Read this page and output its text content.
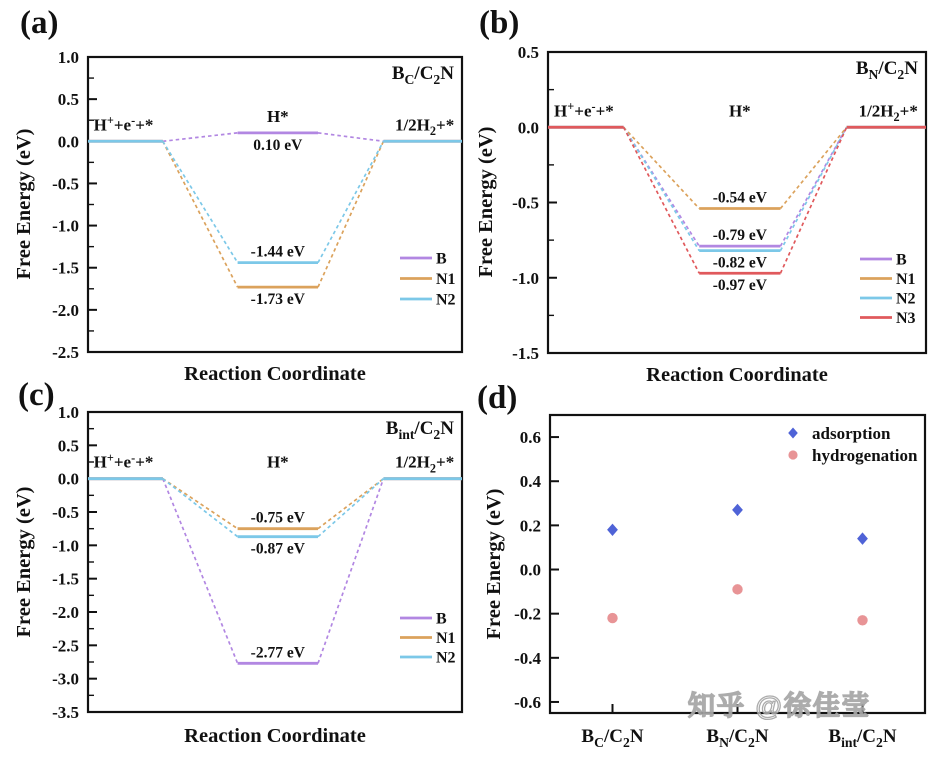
(a)
1.0
0.5
0.0
-0.5
-1.0
-1.5
-2.0
-2.5
Free Energy (eV)
Reaction Coordinate
H++e-+*	H*	$1/2H_2+*$
0.10 eV
-1.44 eV
-1.73 eV
B
N1
N2
$B_C/C_2N$
(b)
0.5
0.0
-0.5
-1.0
-1.5
Free Energy (eV)
Reaction Coordinate
H++e-+*	H*	$1/2H_2+*$
-0.54 eV
-0.79 eV
-0.82 eV
-0.97 eV
B
N1
N2
N3
$B_N/C_2N$
(c) 1.0
0.5
0.0
-0.5
-1.0
-1.5
-2.0
-2.5
-3.0
-3.5
Free Energy (eV)
Reaction Coordinate
H++e-+*	H*	$1/2H_2+*$
-0.75 eV
-0.87 eV
-2.77 eV
B
N1
N2
$B_{int}/C_2N$
(d)
0.6
0.4
0.2
0.0
-0.2
-0.4
-0.6
Free Energy (eV)
$B_C/C_2N$	$B_N/C_2N$	$B_{int}/C_2N$
adsorption
hydrogenation
知乎 @徐佳莹
